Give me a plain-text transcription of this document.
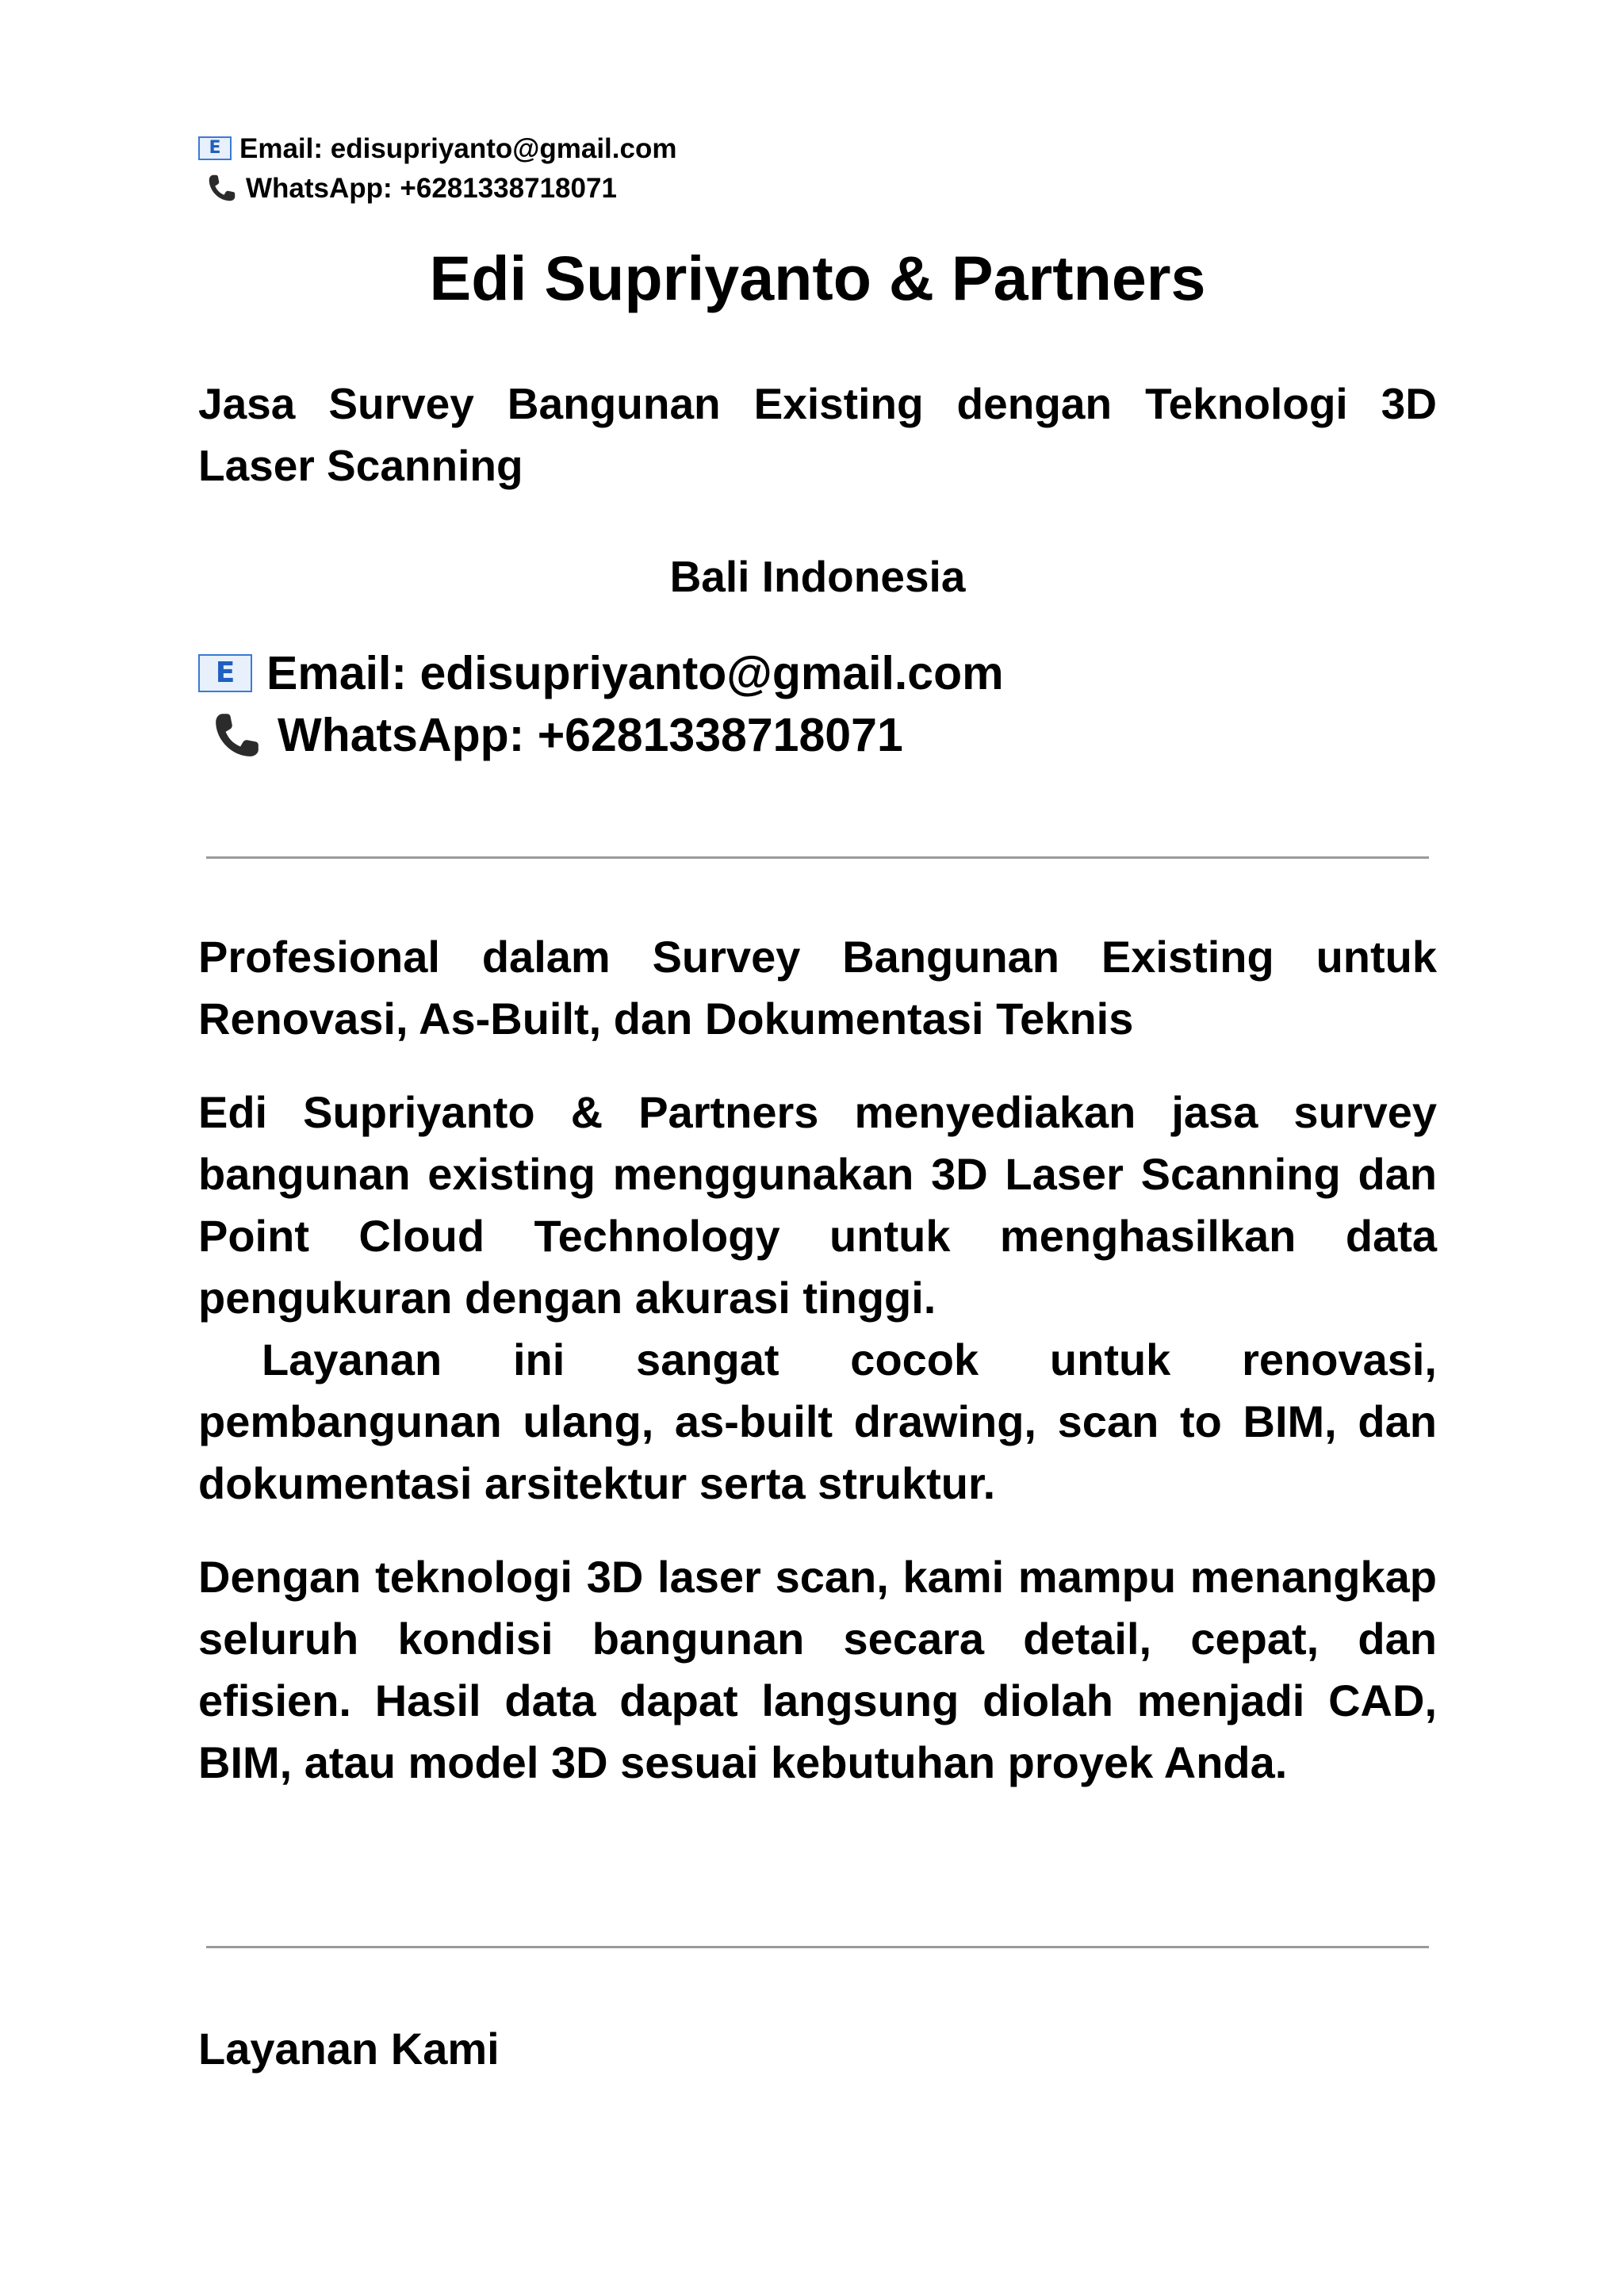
E Email: edisupriyanto@gmail.com
WhatsApp: +6281338718071
Edi Supriyanto & Partners

Jasa Survey Bangunan Existing dengan Teknologi 3D Laser Scanning

Bali Indonesia

E Email: edisupriyanto@gmail.com
WhatsApp: +6281338718071

Profesional dalam Survey Bangunan Existing untuk Renovasi, As-Built, dan Dokumentasi Teknis

Edi Supriyanto & Partners menyediakan jasa survey bangunan existing menggunakan 3D Laser Scanning dan Point Cloud Technology untuk menghasilkan data pengukuran dengan akurasi tinggi.

Layanan ini sangat cocok untuk renovasi, pembangunan ulang, as-built drawing, scan to BIM, dan dokumentasi arsitektur serta struktur.

Dengan teknologi 3D laser scan, kami mampu menangkap seluruh kondisi bangunan secara detail, cepat, dan efisien. Hasil data dapat langsung diolah menjadi CAD, BIM, atau model 3D sesuai kebutuhan proyek Anda.

Layanan Kami
